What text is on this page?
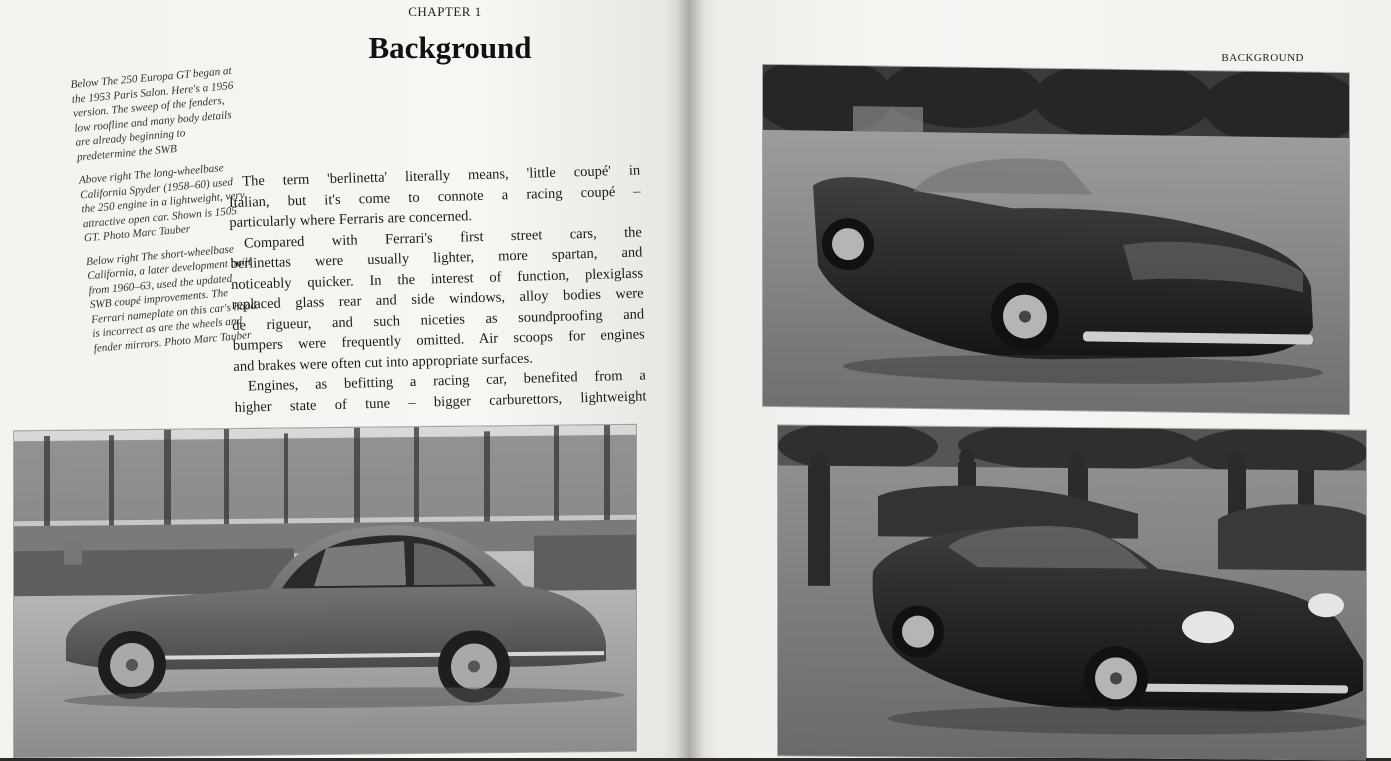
CHAPTER 1
Background

Below The 250 Europa GT began at the 1953 Paris Salon. Here's a 1956 version. The sweep of the fenders, low roofline and many body details are already beginning to predetermine the SWB

Above right The long-wheelbase California Spyder (1958–60) used the 250 engine in a lightweight, very attractive open car. Shown is 1505 GT. Photo Marc Tauber

Below right The short-wheelbase California, a later development built from 1960–63, used the updated SWB coupé improvements. The Ferrari nameplate on this car's hood is incorrect as are the wheels and fender mirrors. Photo Marc Tauber

The term 'berlinetta' literally means, 'little coupé' in
Italian, but it's come to connote a racing coupé –
particularly where Ferraris are concerned.
Compared with Ferrari's first street cars, the
berlinettas were usually lighter, more spartan, and
noticeably quicker. In the interest of function, plexiglass
replaced glass rear and side windows, alloy bodies were
de rigueur, and such niceties as soundproofing and
bumpers were frequently omitted. Air scoops for engines
and brakes were often cut into appropriate surfaces.
Engines, as befitting a racing car, benefited from a
higher state of tune – bigger carburettors, lightweight
BACKGROUND
